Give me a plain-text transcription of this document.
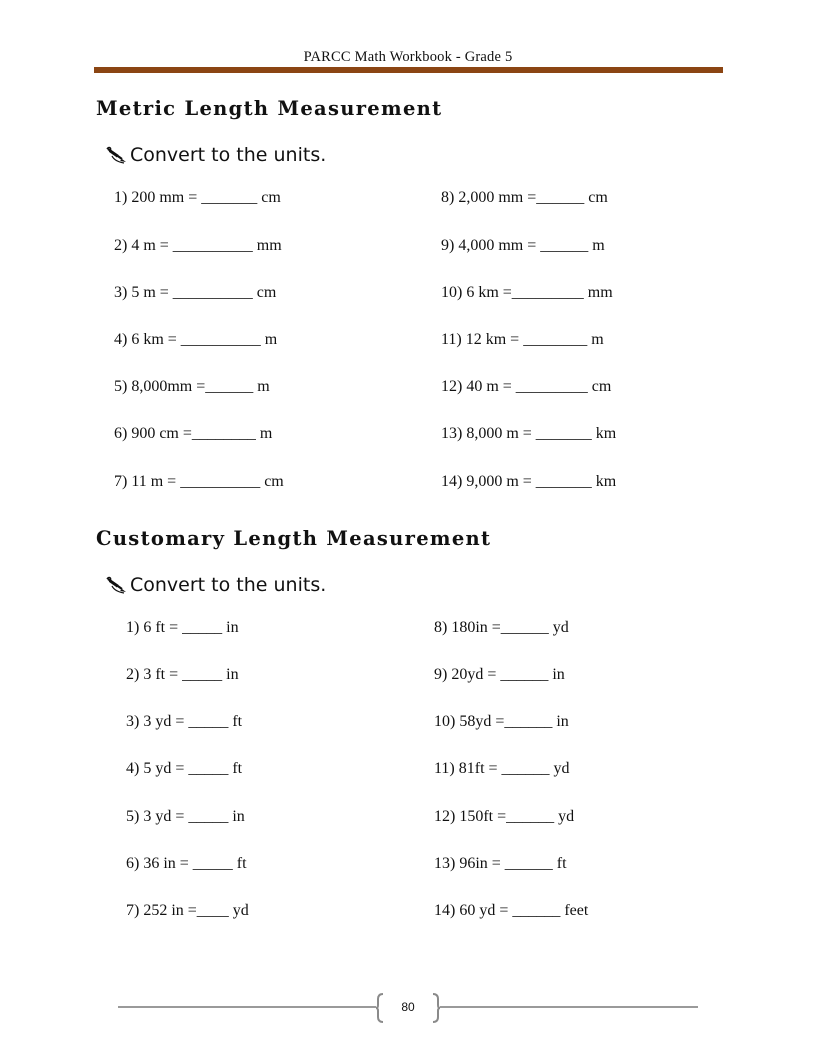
PARCC Math Workbook - Grade 5
Metric Length Measurement
Convert to the units.
1) 200 mm = _______ cm
2) 4 m = __________ mm
3) 5 m = __________ cm
4) 6 km = __________ m
5) 8,000mm =______ m
6) 900 cm =________ m
7) 11 m = __________ cm
8) 2,000 mm =______ cm
9) 4,000 mm = ______ m
10) 6 km =_________ mm
11) 12 km = ________ m
12) 40 m = _________ cm
13) 8,000 m = _______ km
14) 9,000 m = _______ km
Customary Length Measurement
Convert to the units.
1) 6 ft = _____ in
2) 3 ft = _____ in
3) 3 yd = _____ ft
4) 5 yd = _____ ft
5) 3 yd = _____ in
6) 36 in = _____ ft
7) 252 in =____ yd
8) 180in =______ yd
9) 20yd = ______ in
10) 58yd =______ in
11) 81ft = ______ yd
12) 150ft =______ yd
13) 96in = ______ ft
14) 60 yd = ______ feet
80
